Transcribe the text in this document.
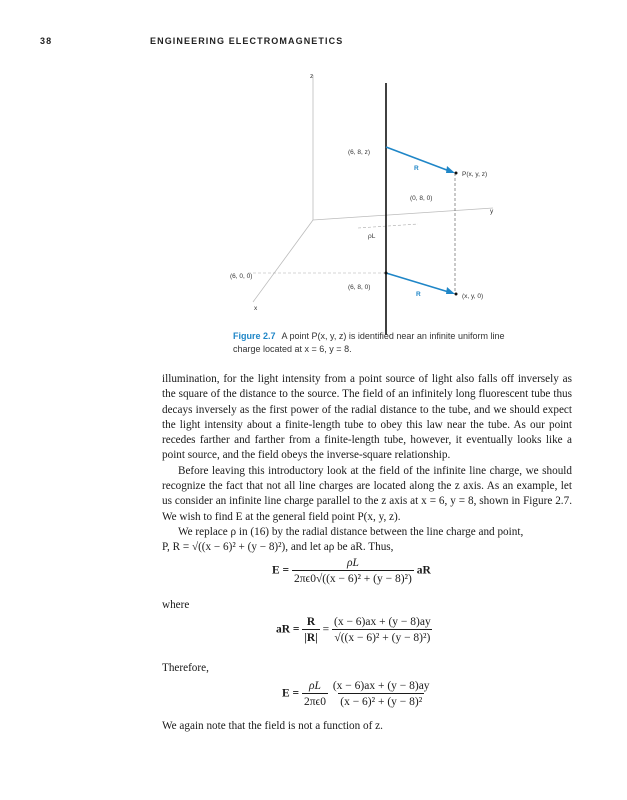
38	ENGINEERING ELECTROMAGNETICS
z
y
x
(6, 8, z)
P(x, y, z)
(0, 8, 0)
ρL
(6, 0, 0)
(6, 8, 0)
(x, y, 0)
R
R
Figure 2.7 A point P(x, y, z) is identified near an infinite uniform line charge located at x = 6, y = 8.

illumination, for the light intensity from a point source of light also falls off inversely as the square of the distance to the source. The field of an infinitely long fluorescent tube thus decays inversely as the first power of the radial distance to the tube, and we should expect the light intensity about a finite-length tube to obey this law near the tube. As our point recedes farther and farther from a finite-length tube, however, it eventually looks like a point source, and the field obeys the inverse-square relationship.

Before leaving this introductory look at the field of the infinite line charge, we should recognize the fact that not all line charges are located along the z axis. As an example, let us consider an infinite line charge parallel to the z axis at x = 6, y = 8, shown in Figure 2.7. We wish to find E at the general field point P(x, y, z).

We replace ρ in (16) by the radial distance between the line charge and point,

P, R = √((x − 6)² + (y − 8)²), and let aρ be aR. Thus,

$E = \frac{\rho L}{\text{2πϵ0√((x − 6)² + (y − 8)²)}}$ aR
where
aR = $\frac{R}{|R|} = \frac{(x - 6)ax + (y - 8)ay}{\text{√((x − 6)² + (y − 8)²)}}$
Therefore,
$E = \frac{\rho L}{2\pi\epsilon 0}$
$\frac{(x - 6)ax + (y - 8)ay}{\text{(x − 6)² + (y − 8)²}}$
We again note that the field is not a function of z.
